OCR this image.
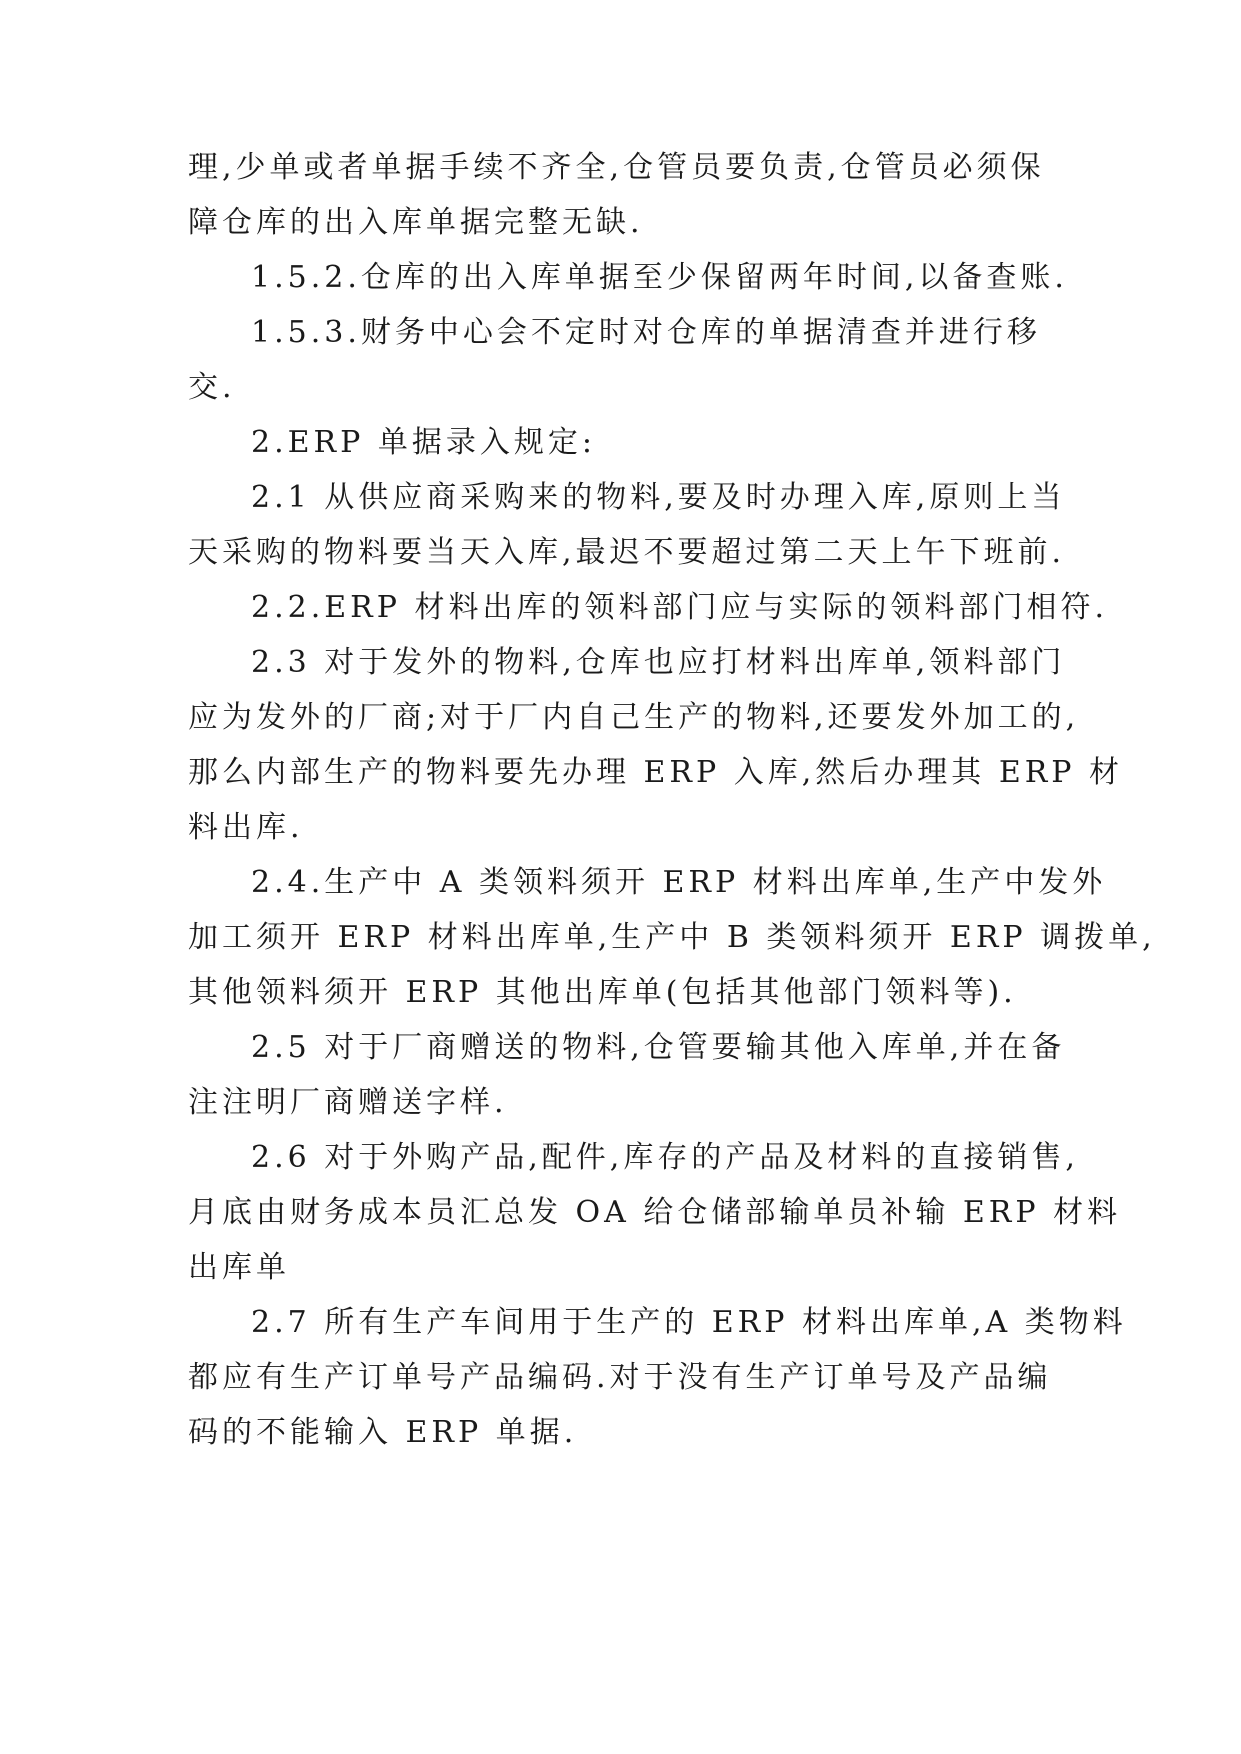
理,少单或者单据手续不齐全,仓管员要负责,仓管员必须保
障仓库的出入库单据完整无缺.
1.5.2.仓库的出入库单据至少保留两年时间,以备查账.
1.5.3.财务中心会不定时对仓库的单据清查并进行移
交.
2.ERP 单据录入规定:
2.1 从供应商采购来的物料,要及时办理入库,原则上当
天采购的物料要当天入库,最迟不要超过第二天上午下班前.
2.2.ERP 材料出库的领料部门应与实际的领料部门相符.
2.3 对于发外的物料,仓库也应打材料出库单,领料部门
应为发外的厂商;对于厂内自己生产的物料,还要发外加工的,
那么内部生产的物料要先办理 ERP 入库,然后办理其 ERP 材
料出库.
2.4.生产中 A 类领料须开 ERP 材料出库单,生产中发外
加工须开 ERP 材料出库单,生产中 B 类领料须开 ERP 调拨单,
其他领料须开 ERP 其他出库单(包括其他部门领料等).
2.5 对于厂商赠送的物料,仓管要输其他入库单,并在备
注注明厂商赠送字样.
2.6 对于外购产品,配件,库存的产品及材料的直接销售,
月底由财务成本员汇总发 OA 给仓储部输单员补输 ERP 材料
出库单
2.7 所有生产车间用于生产的 ERP 材料出库单,A 类物料
都应有生产订单号产品编码.对于没有生产订单号及产品编
码的不能输入 ERP 单据.
